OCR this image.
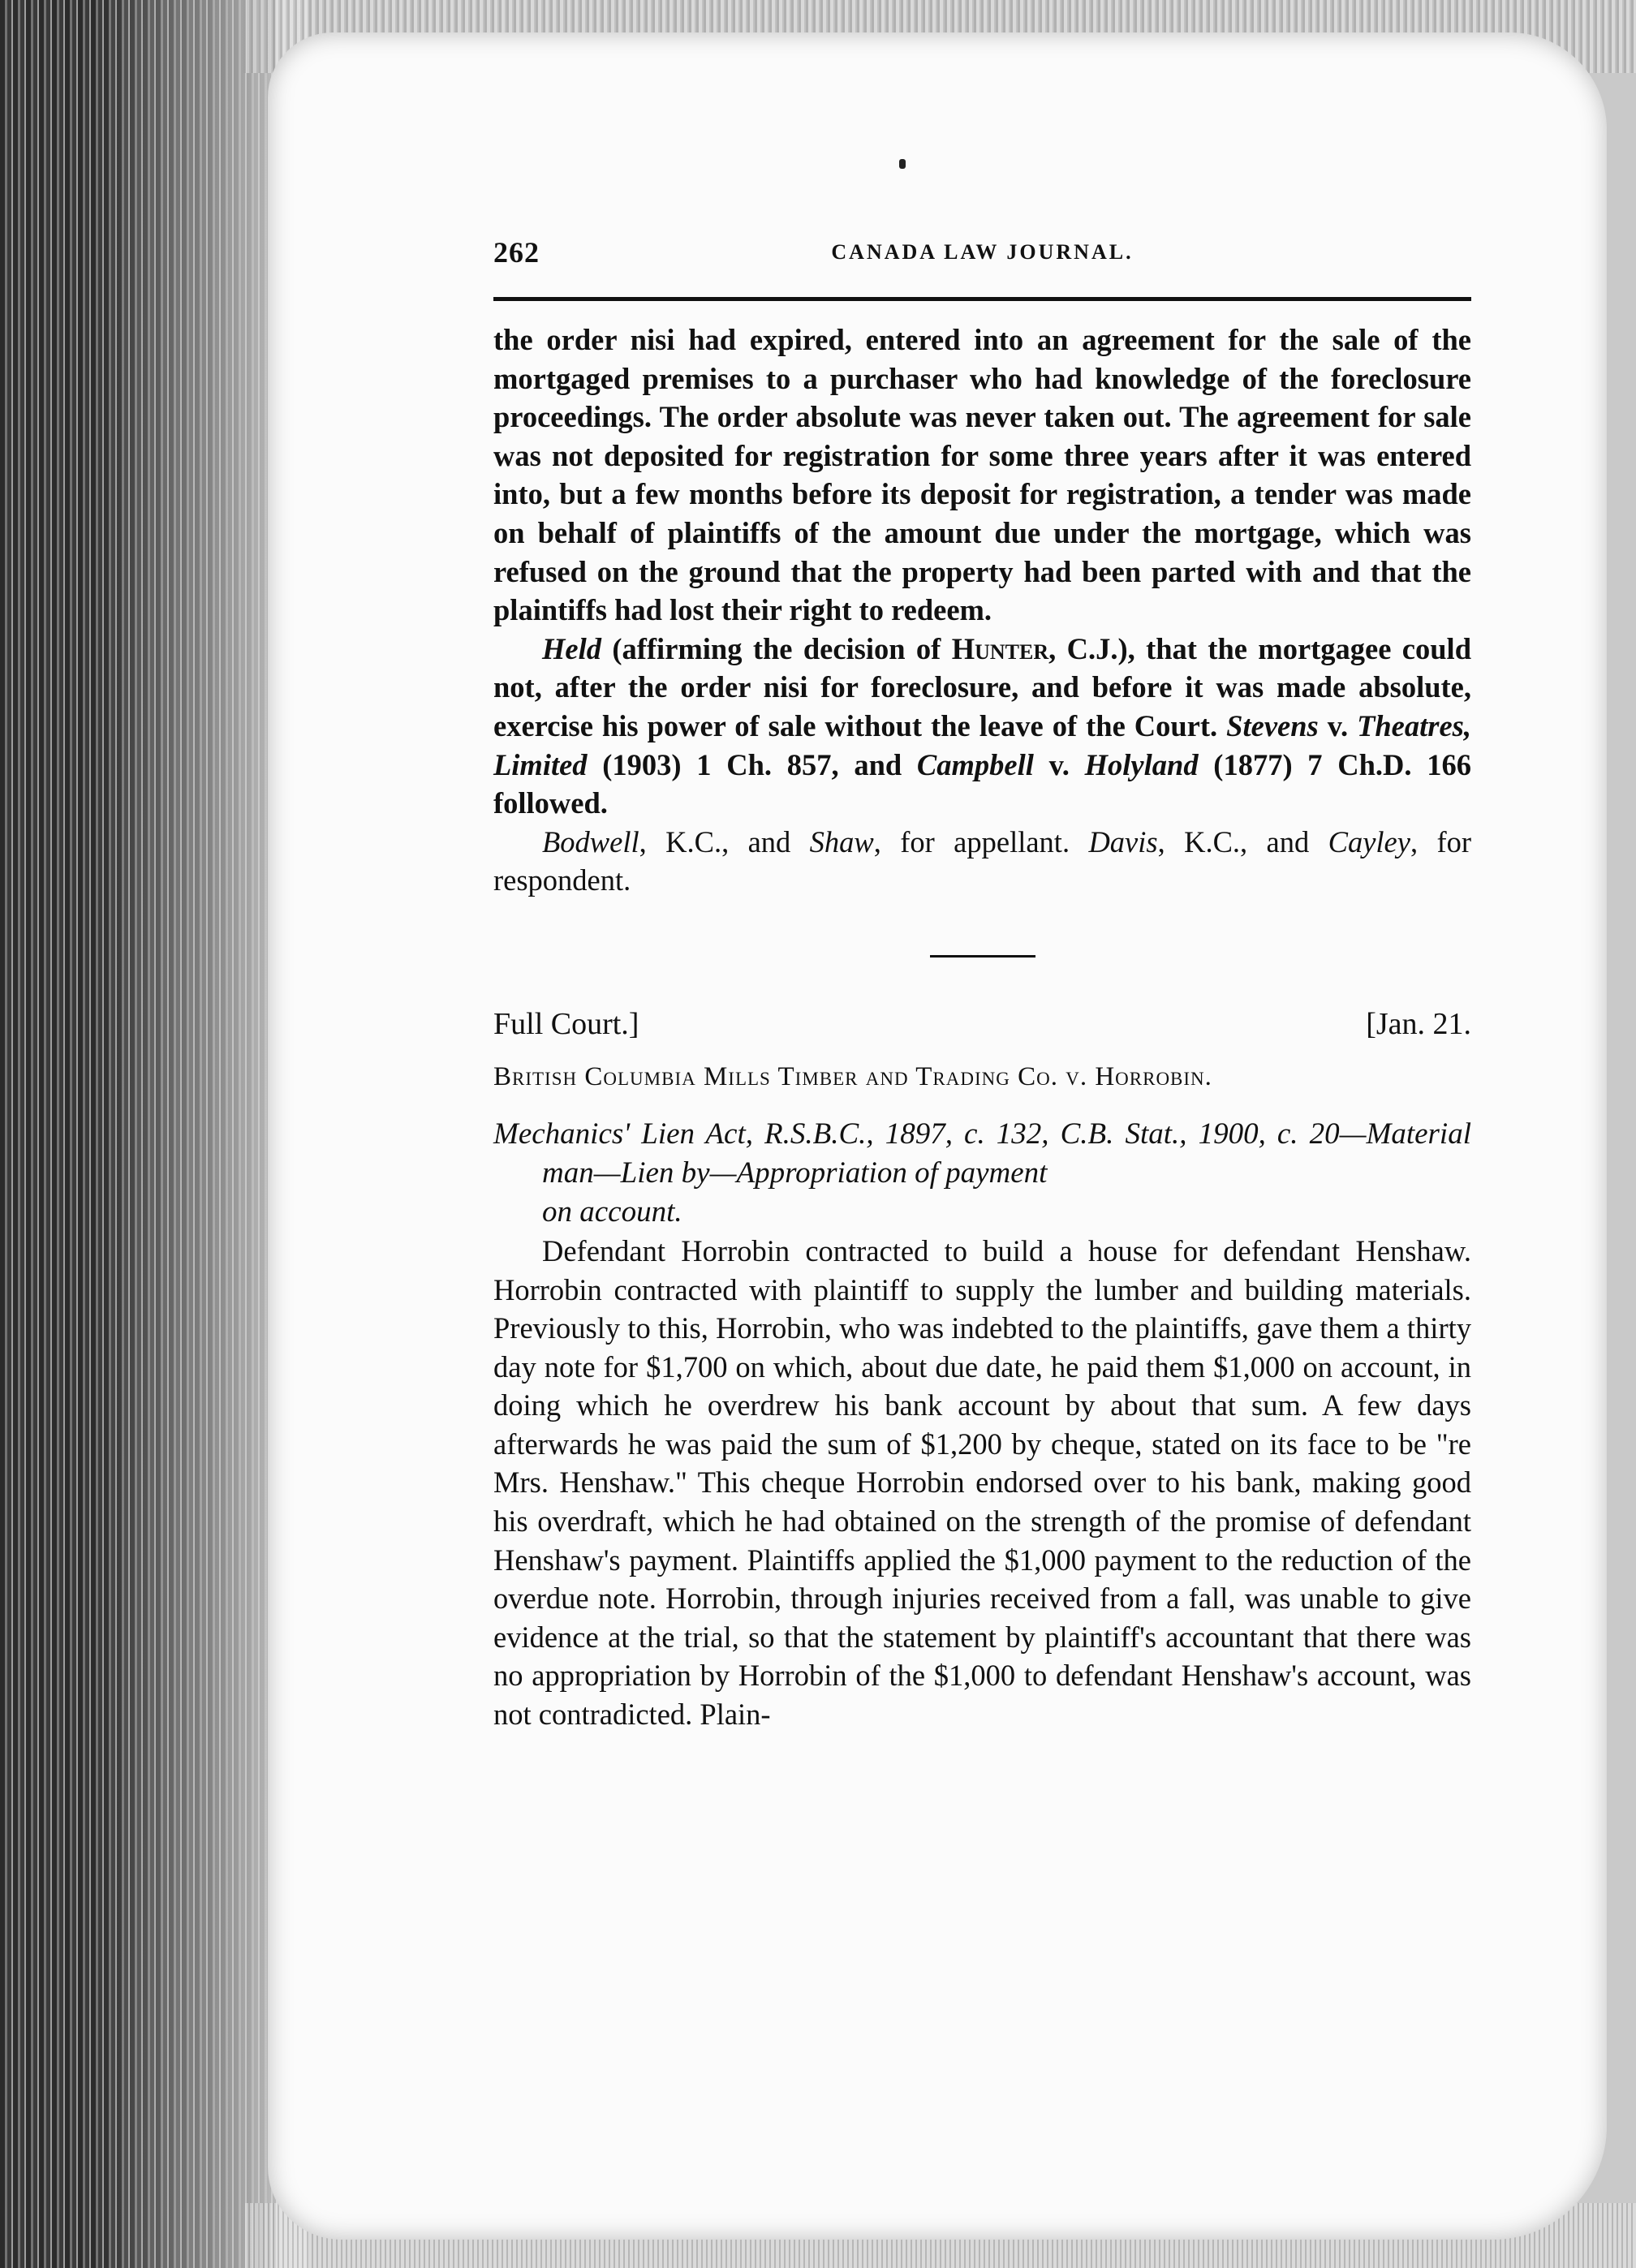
262	CANADA LAW JOURNAL.

the order nisi had expired, entered into an agreement for the sale of the mortgaged premises to a purchaser who had knowledge of the foreclosure proceedings. The order absolute was never taken out. The agreement for sale was not deposited for registration for some three years after it was entered into, but a few months before its deposit for registration, a tender was made on behalf of plaintiffs of the amount due under the mortgage, which was refused on the ground that the property had been parted with and that the plaintiffs had lost their right to redeem.

Held (affirming the decision of Hunter, C.J.), that the mortgagee could not, after the order nisi for foreclosure, and before it was made absolute, exercise his power of sale without the leave of the Court. Stevens v. Theatres, Limited (1903) 1 Ch. 857, and Campbell v. Holyland (1877) 7 Ch.D. 166 followed.

Bodwell, K.C., and Shaw, for appellant. Davis, K.C., and Cayley, for respondent.

Full Court.]	[Jan. 21.
British Columbia Mills Timber and Trading Co. v. Horrobin.
Mechanics' Lien Act, R.S.B.C., 1897, c. 132, C.B. Stat., 1900, c. 20—Material man—Lien by—Appropriation of payment
on account.

Defendant Horrobin contracted to build a house for defendant Henshaw. Horrobin contracted with plaintiff to supply the lumber and building materials. Previously to this, Horrobin, who was indebted to the plaintiffs, gave them a thirty day note for $1,700 on which, about due date, he paid them $1,000 on account, in doing which he overdrew his bank account by about that sum. A few days afterwards he was paid the sum of $1,200 by cheque, stated on its face to be "re Mrs. Henshaw." This cheque Horrobin endorsed over to his bank, making good his overdraft, which he had obtained on the strength of the promise of defendant Henshaw's payment. Plaintiffs applied the $1,000 payment to the reduction of the overdue note. Horrobin, through injuries received from a fall, was unable to give evidence at the trial, so that the statement by plaintiff's accountant that there was no appropriation by Horrobin of the $1,000 to defendant Henshaw's account, was not contradicted. Plain-
